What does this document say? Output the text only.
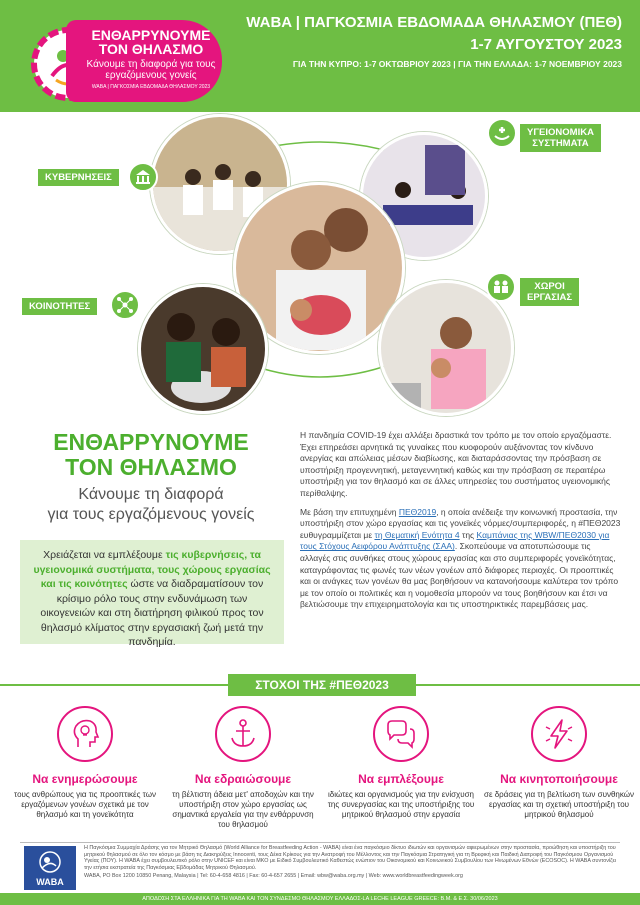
ΕΝΘΑΡΡΥΝΟΥΜΕ ΤΟΝ ΘΗΛΑΣΜΟ
Κάνουμε τη διαφορά για τους εργαζόμενους γονείς
WABA | ΠΑΓΚΟΣΜΙΑ ΕΒΔΟΜΑΔΑ ΘΗΛΑΣΜΟΥ 2023
WABA | ΠΑΓΚΟΣΜΙΑ ΕΒΔΟΜΑΔΑ ΘΗΛΑΣΜΟΥ (ΠΕΘ)
1-7 ΑΥΓΟΥΣΤΟΥ 2023
ΓΙΑ ΤΗΝ ΚΥΠΡΟ: 1-7 ΟΚΤΩΒΡΙΟΥ 2023 | ΓΙΑ ΤΗΝ ΕΛΛΑΔΑ: 1-7 ΝΟΕΜΒΡΙΟΥ 2023
ΚΥΒΕΡΝΗΣΕΙΣ
ΥΓΕΙΟΝΟΜΙΚΑ
ΣΥΣΤΗΜΑΤΑ
ΚΟΙΝΟΤΗΤΕΣ
ΧΩΡΟΙ
ΕΡΓΑΣΙΑΣ
ΕΝΘΑΡΡΥΝΟΥΜΕ
ΤΟΝ ΘΗΛΑΣΜΟ
Κάνουμε τη διαφορά
για τους εργαζόμενους γονείς
Χρειάζεται να εμπλέξουμε τις κυβερνήσεις, τα υγειονομικά συστήματα, τους χώρους εργασίας και τις κοινότητες ώστε να διαδραματίσουν τον κρίσιμο ρόλο τους στην ενδυνάμωση των οικογενειών και στη διατήρηση φιλικού προς τον θηλασμό κλίματος στην εργασιακή ζωή μετά την πανδημία.

Η πανδημία COVID-19 έχει αλλάξει δραστικά τον τρόπο με τον οποίο εργαζόμαστε. Έχει επηρεάσει αρνητικά τις γυναίκες που κυοφορούν αυξάνοντας τον κίνδυνο ανεργίας και απώλειας μέσων διαβίωσης, και διαταράσσοντας την πρόσβαση σε υποστήριξη προγεννητική, μεταγεννητική καθώς και την πρόσβαση σε περαιτέρω υποστήριξη για τον θηλασμό και σε άλλες υπηρεσίες του συστήματος υγειονομικής περίθαλψης.

Με βάση την επιτυχημένη ΠΕΘ2019, η οποία ανέδειξε την κοινωνική προστασία, την υποστήριξη στον χώρο εργασίας και τις γονεϊκές νόρμες/συμπεριφορές, η #ΠΕΘ2023 ευθυγραμμίζεται με τη Θεματική Ενότητα 4 της Καμπάνιας της WBW/ΠΕΘ2030 για τους Στόχους Αειφόρου Ανάπτυξης (ΣΑΑ). Σκοπεύουμε να αποτυπώσουμε τις αλλαγές στις συνθήκες στους χώρους εργασίας και στο συμπεριφορές γονεϊκότητας, καταγράφοντας τις φωνές των νέων γονέων από διάφορες περιοχές. Οι προοπτικές και οι ανάγκες των γονέων θα μας βοηθήσουν να κατανοήσουμε καλύτερα τον τρόπο με τον οποίο οι πολιτικές και η νομοθεσία μπορούν να τους βοηθήσουν και έτσι να βελτιώσουμε την επιχειρηματολογία και τις υποστηρικτικές παρεμβάσεις μας.

ΣΤΟΧΟΙ ΤΗΣ #ΠΕΘ2023
Να ενημερώσουμε
τους ανθρώπους για τις προοπτικές των εργαζόμενων γονέων σχετικά με τον θηλασμό και τη γονεϊκότητα
Να εδραιώσουμε
τη βέλτιστη άδεια μετ' αποδοχών και την υποστήριξη στον χώρο εργασίας ως σημαντικά εργαλεία για την ενθάρρυνση του θηλασμού
Να εμπλέξουμε
ιδιώτες και οργανισμούς για την ενίσχυση της συνεργασίας και της υποστήριξης του μητρικού θηλασμού στην εργασία
Να κινητοποιήσουμε
σε δράσεις για τη βελτίωση των συνθηκών εργασίας και τη σχετική υποστήριξη του μητρικού θηλασμού
WABA
Η Παγκόσμια Συμμαχία Δράσης για τον Μητρικό Θηλασμό (World Alliance for Breastfeeding Action - WABA) είναι ένα παγκόσμιο δίκτυο ιδιωτών και οργανισμών αφιερωμένων στην προστασία, προώθηση και υποστήριξη του μητρικού θηλασμού σε όλο τον κόσμο με βάση τις Διακηρύξεις Innocenti, τους Δέκα Κρίκους για την Ανατροφή του Μέλλοντος και την Παγκόσμια Στρατηγική για τη Βρεφική και Παιδική Διατροφή του Παγκόσμιου Οργανισμού Υγείας (ΠΟΥ). Η WABA έχει συμβουλευτικό ρόλο στην UNICEF και είναι ΜΚΟ με Ειδικό Συμβουλευτικό Καθεστώς ενώπιον του Οικονομικού και Κοινωνικού Συμβουλίου των Ηνωμένων Εθνών (ECOSOC). Η WABA συντονίζει την ετήσια εκστρατεία της Παγκόσμιας Εβδομάδας Μητρικού Θηλασμού.
WABA, PO Box 1200 10850 Penang, Malaysia | Tel: 60-4-658 4816 | Fax: 60-4-657 2655 | Email: wbw@waba.org.my | Web: www.worldbreastfeedingweek.org
ΑΠΟΔΟΣΗ ΣΤΑ ΕΛΛΗΝΙΚΑ ΓΙΑ ΤΗ WABA ΚΑΙ ΤΟΝ ΣΥΝΔΕΣΜΟ ΘΗΛΑΣΜΟΥ ΕΛΛΑΔΟΣ-LA LECHE LEAGUE GREECE: Β.Μ. & Ε.Σ. 30/06/2023
